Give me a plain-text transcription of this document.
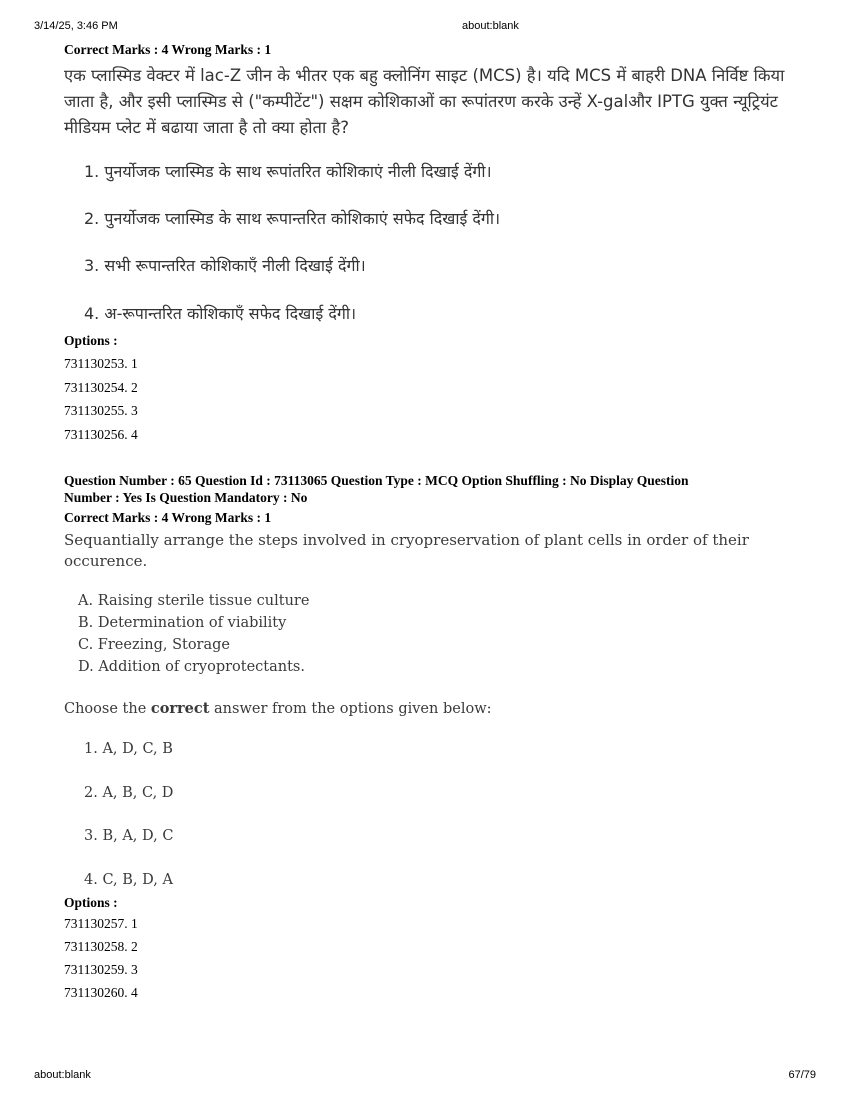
3/14/25, 3:46 PM	about:blank
Correct Marks : 4 Wrong Marks : 1
एक प्लास्मिड वेक्टर में lac-Z जीन के भीतर एक बहु क्लोनिंग साइट (MCS) है। यदि MCS में बाहरी DNA निर्विष्ट किया जाता है, और इसी प्लास्मिड से ("कम्पीटेंट") सक्षम कोशिकाओं का रूपांतरण करके उन्हें X-galऔर IPTG युक्त न्यूट्रियंट मीडियम प्लेट में बढाया जाता है तो क्या होता है?
1. पुनर्योजक प्लास्मिड के साथ रूपांतरित कोशिकाएं नीली दिखाई देंगी।
2. पुनर्योजक प्लास्मिड के साथ रूपान्तरित कोशिकाएं सफेद दिखाई देंगी।
3. सभी रूपान्तरित कोशिकाएँ नीली दिखाई देंगी।
4. अ-रूपान्तरित कोशिकाएँ सफेद दिखाई देंगी।
Options :
731130253. 1
731130254. 2
731130255. 3
731130256. 4
Question Number : 65 Question Id : 73113065 Question Type : MCQ Option Shuffling : No Display Question
Number : Yes Is Question Mandatory : No
Correct Marks : 4 Wrong Marks : 1
Sequantially arrange the steps involved in cryopreservation of plant cells in order of their occurence.
A. Raising sterile tissue culture
B. Determination of viability
C. Freezing, Storage
D. Addition of cryoprotectants.
Choose the correct answer from the options given below:
1. A, D, C, B
2. A, B, C, D
3. B, A, D, C
4. C, B, D, A
Options :
731130257. 1
731130258. 2
731130259. 3
731130260. 4
about:blank	67/79
